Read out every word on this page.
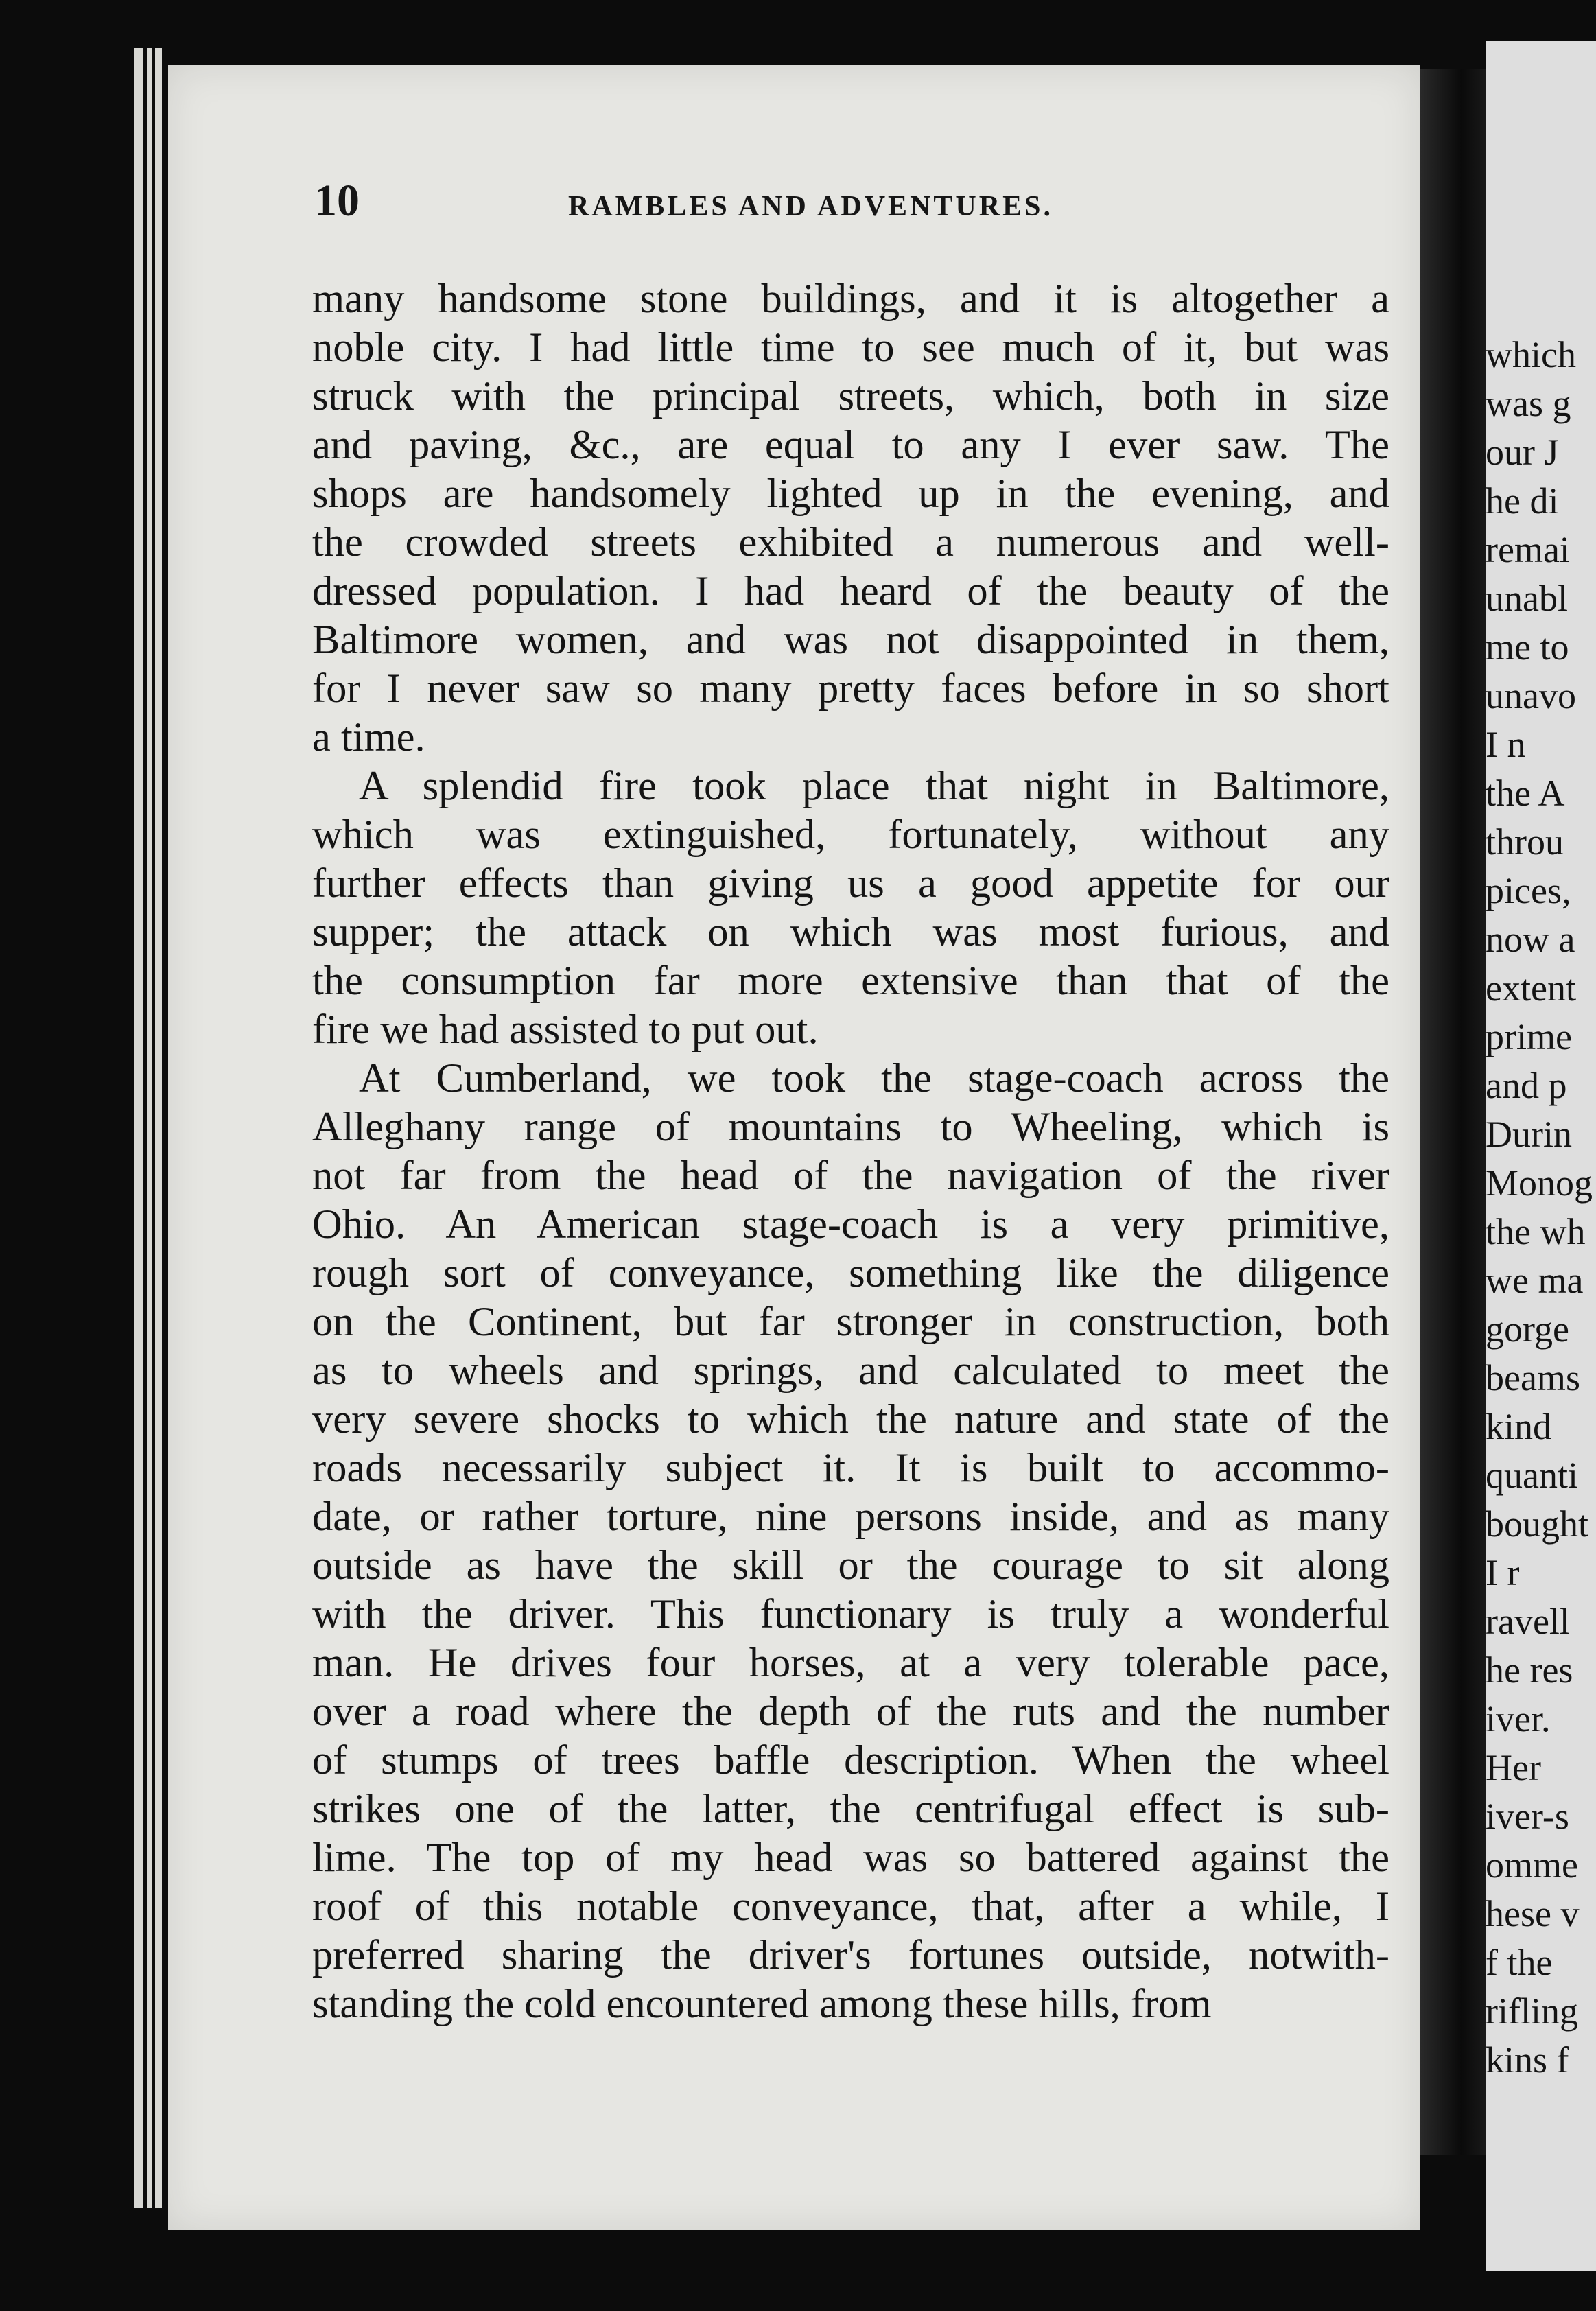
which
was g
our J
he di
remai
unabl
me to
unavo
I n
the A
throu
pices,
now a
extent
prime
and p
Durin
Monog
the wh
we ma
gorge
beams
kind
quanti
bought
I r
ravell
he res
iver.
Her
iver-s
omme
hese v
f the
rifling
kins f
10	RAMBLES AND ADVENTURES.
many handsome stone buildings, and it is altogether a
noble city. I had little time to see much of it, but was
struck with the principal streets, which, both in size
and paving, &c., are equal to any I ever saw. The
shops are handsomely lighted up in the evening, and
the crowded streets exhibited a numerous and well-
dressed population. I had heard of the beauty of the
Baltimore women, and was not disappointed in them,
for I never saw so many pretty faces before in so short
a time.
A splendid fire took place that night in Baltimore,
which was extinguished, fortunately, without any
further effects than giving us a good appetite for our
supper; the attack on which was most furious, and
the consumption far more extensive than that of the
fire we had assisted to put out.
At Cumberland, we took the stage-coach across the
Alleghany range of mountains to Wheeling, which is
not far from the head of the navigation of the river
Ohio. An American stage-coach is a very primitive,
rough sort of conveyance, something like the diligence
on the Continent, but far stronger in construction, both
as to wheels and springs, and calculated to meet the
very severe shocks to which the nature and state of the
roads necessarily subject it. It is built to accommo-
date, or rather torture, nine persons inside, and as many
outside as have the skill or the courage to sit along
with the driver. This functionary is truly a wonderful
man. He drives four horses, at a very tolerable pace,
over a road where the depth of the ruts and the number
of stumps of trees baffle description. When the wheel
strikes one of the latter, the centrifugal effect is sub-
lime. The top of my head was so battered against the
roof of this notable conveyance, that, after a while, I
preferred sharing the driver's fortunes outside, notwith-
standing the cold encountered among these hills, from
